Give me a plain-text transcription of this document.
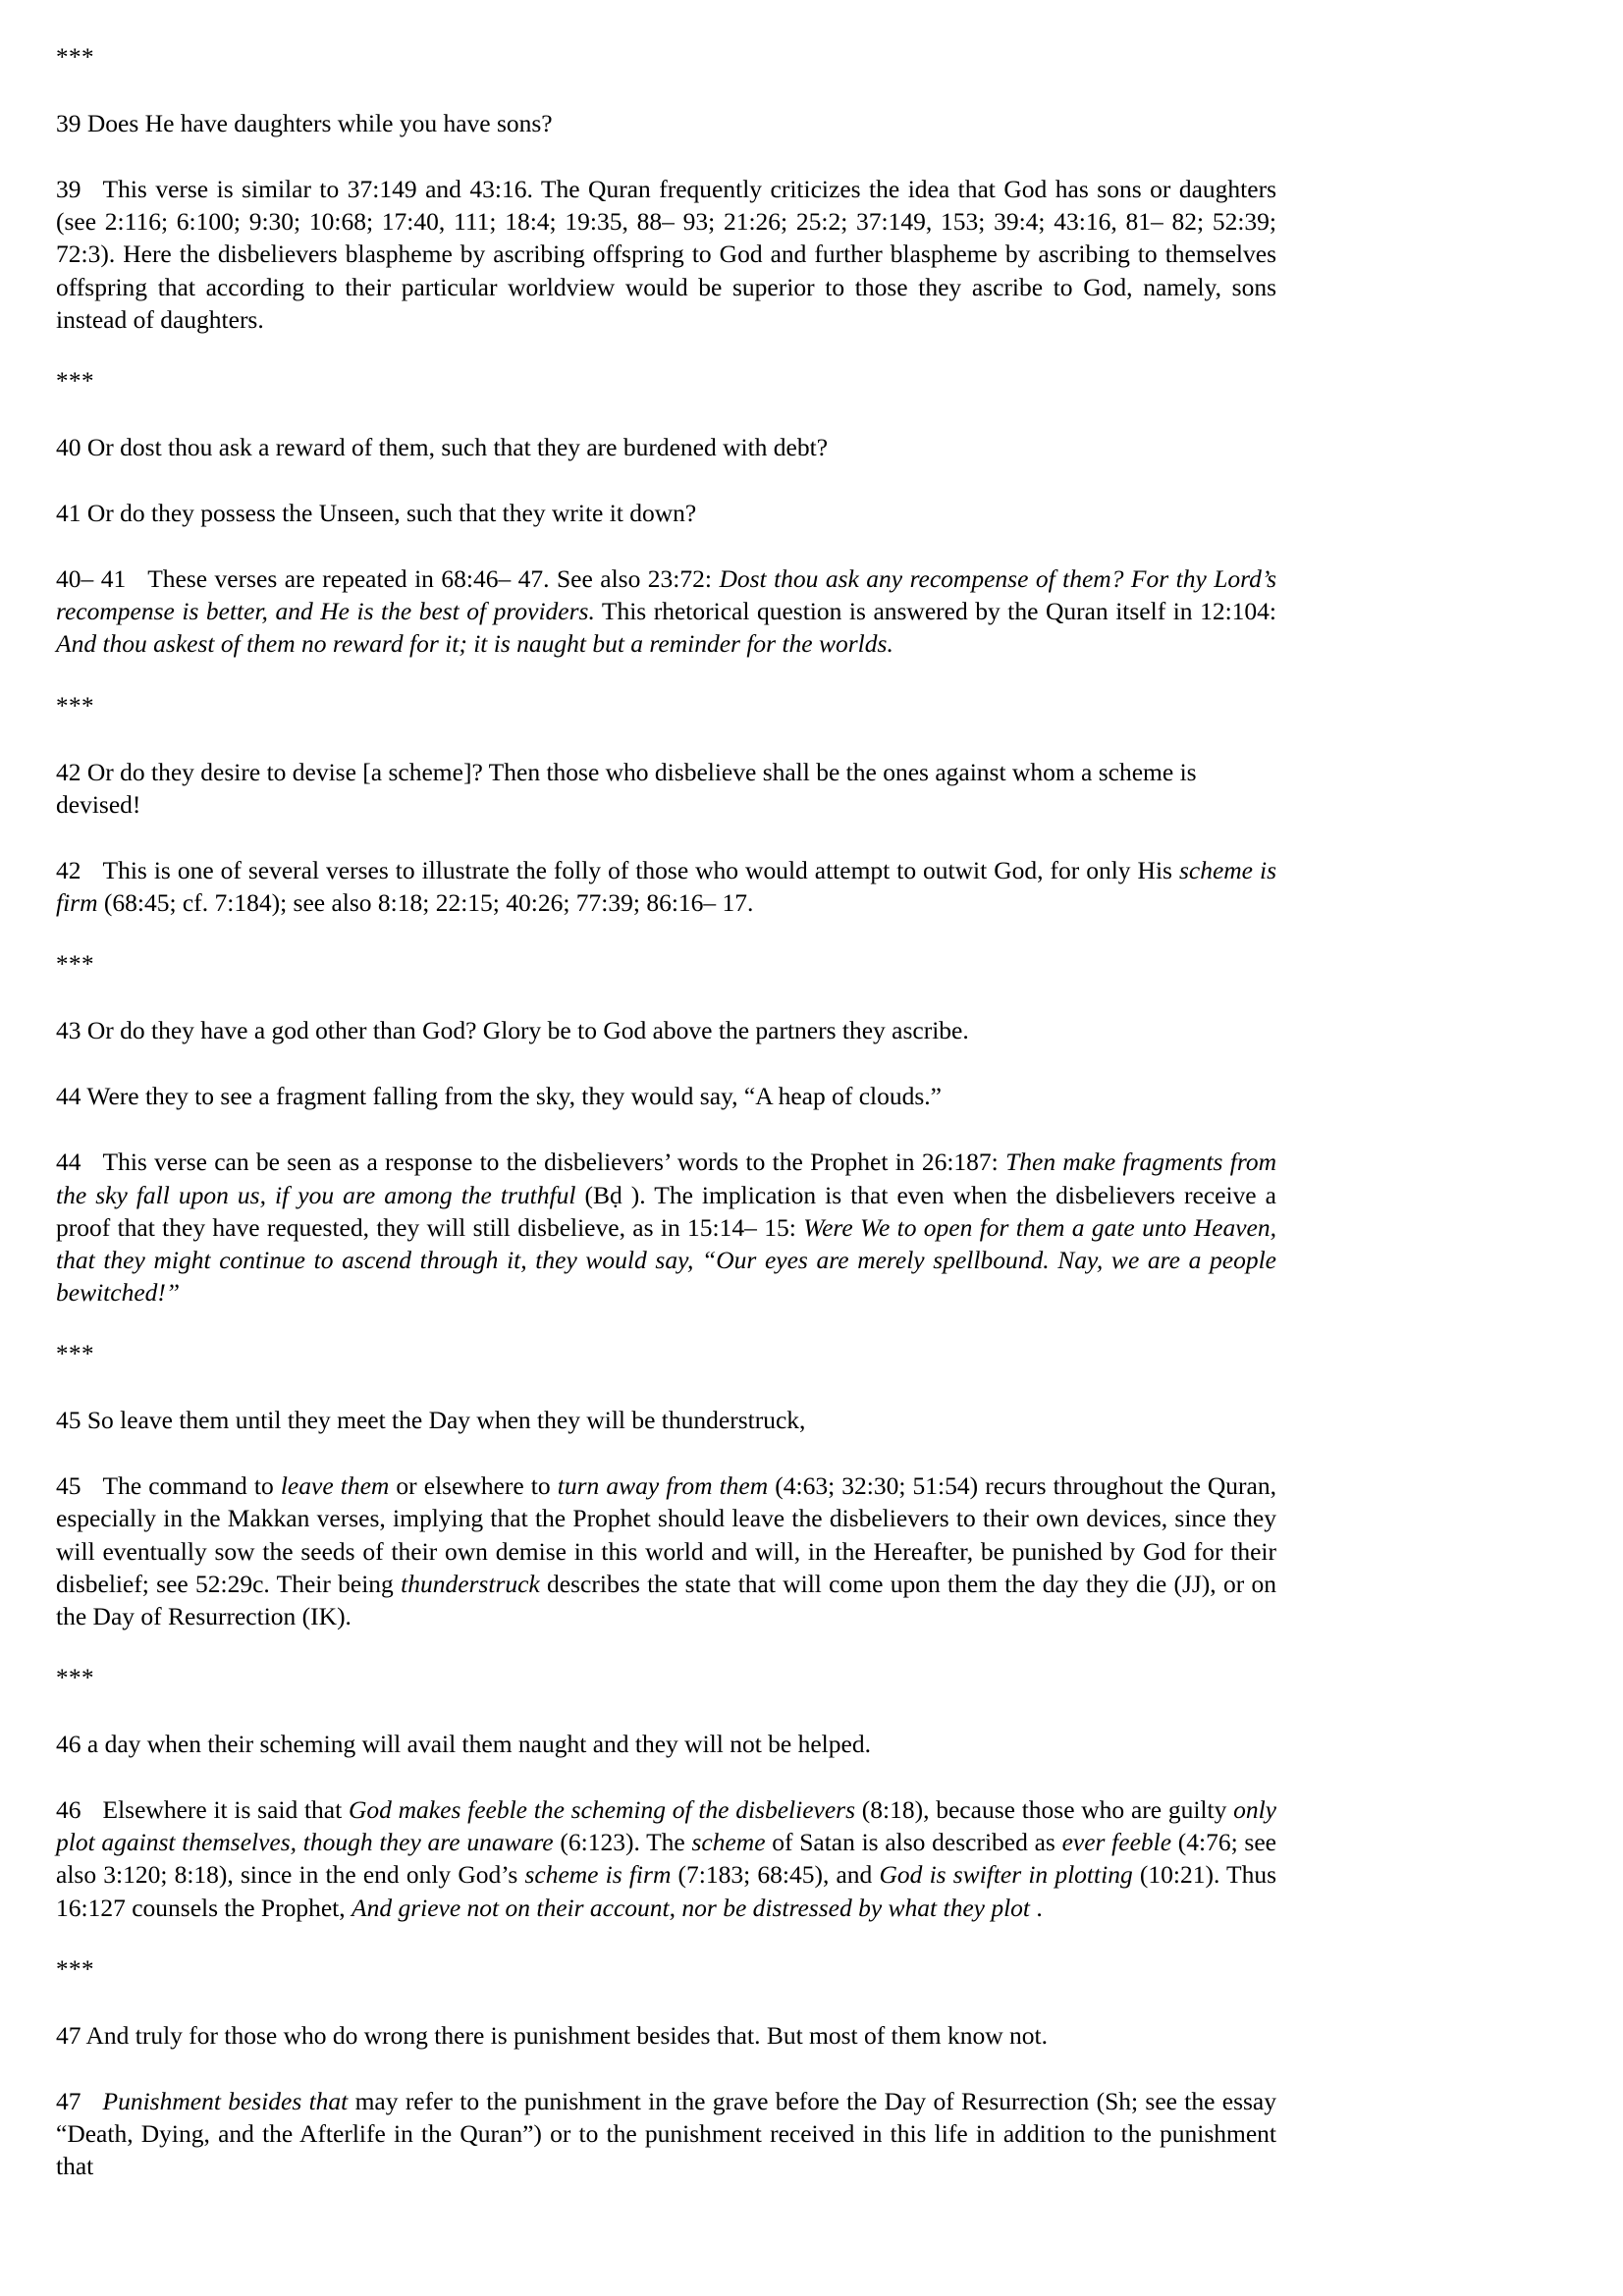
***

39 Does He have daughters while you have sons?

39 This verse is similar to 37:149 and 43:16. The Quran frequently criticizes the idea that God has sons or daughters (see 2:116; 6:100; 9:30; 10:68; 17:40, 111; 18:4; 19:35, 88– 93; 21:26; 25:2; 37:149, 153; 39:4; 43:16, 81– 82; 52:39; 72:3). Here the disbelievers blaspheme by ascribing offspring to God and further blaspheme by ascribing to themselves offspring that according to their particular worldview would be superior to those they ascribe to God, namely, sons instead of daughters.

***

40 Or dost thou ask a reward of them, such that they are burdened with debt?

41 Or do they possess the Unseen, such that they write it down?

40– 41 These verses are repeated in 68:46– 47. See also 23:72: Dost thou ask any recompense of them? For thy Lord’s recompense is better, and He is the best of providers. This rhetorical question is answered by the Quran itself in 12:104: And thou askest of them no reward for it; it is naught but a reminder for the worlds.

***

42 Or do they desire to devise [a scheme]? Then those who disbelieve shall be the ones against whom a scheme is devised!

42 This is one of several verses to illustrate the folly of those who would attempt to outwit God, for only His scheme is firm (68:45; cf. 7:184); see also 8:18; 22:15; 40:26; 77:39; 86:16– 17.

***

43 Or do they have a god other than God? Glory be to God above the partners they ascribe.

44 Were they to see a fragment falling from the sky, they would say, “A heap of clouds.”

44 This verse can be seen as a response to the disbelievers’ words to the Prophet in 26:187: Then make fragments from the sky fall upon us, if you are among the truthful (Bḍ ). The implication is that even when the disbelievers receive a proof that they have requested, they will still disbelieve, as in 15:14– 15: Were We to open for them a gate unto Heaven, that they might continue to ascend through it, they would say, “Our eyes are merely spellbound. Nay, we are a people bewitched!”

***

45 So leave them until they meet the Day when they will be thunderstruck,

45 The command to leave them or elsewhere to turn away from them (4:63; 32:30; 51:54) recurs throughout the Quran, especially in the Makkan verses, implying that the Prophet should leave the disbelievers to their own devices, since they will eventually sow the seeds of their own demise in this world and will, in the Hereafter, be punished by God for their disbelief; see 52:29c. Their being thunderstruck describes the state that will come upon them the day they die (JJ), or on the Day of Resurrection (IK).

***

46 a day when their scheming will avail them naught and they will not be helped.

46 Elsewhere it is said that God makes feeble the scheming of the disbelievers (8:18), because those who are guilty only plot against themselves, though they are unaware (6:123). The scheme of Satan is also described as ever feeble (4:76; see also 3:120; 8:18), since in the end only God’s scheme is firm (7:183; 68:45), and God is swifter in plotting (10:21). Thus 16:127 counsels the Prophet, And grieve not on their account, nor be distressed by what they plot .

***

47 And truly for those who do wrong there is punishment besides that. But most of them know not.

47 Punishment besides that may refer to the punishment in the grave before the Day of Resurrection (Sh; see the essay “Death, Dying, and the Afterlife in the Quran”) or to the punishment received in this life in addition to the punishment that
